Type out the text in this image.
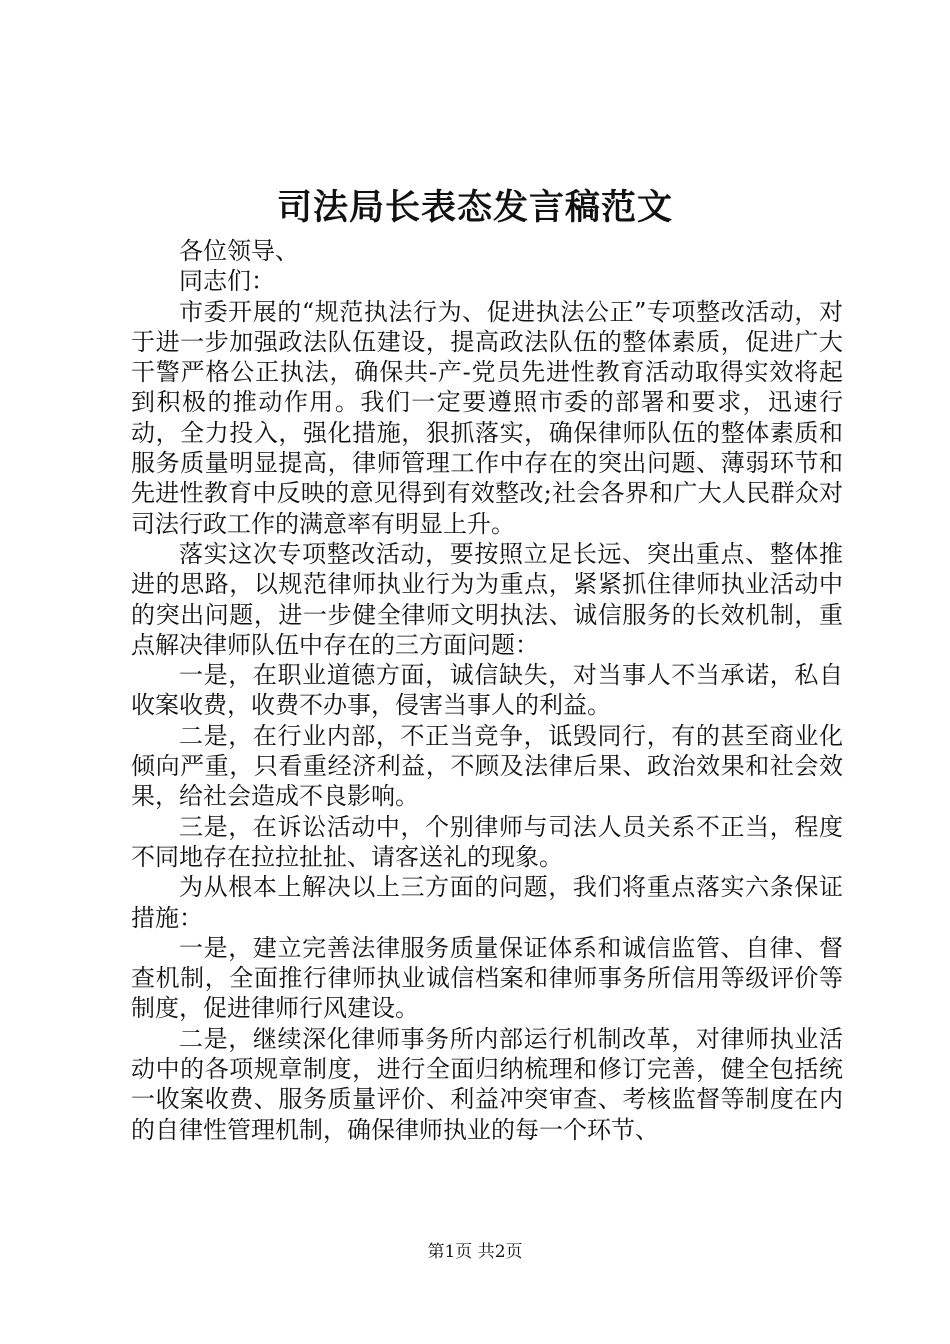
司法局长表态发言稿范文

各位领导、

同志们：

市委开展的“规范执法行为、促进执法公正”专项整改活动，对于进一步加强政法队伍建设，提高政法队伍的整体素质，促进广大干警严格公正执法，确保共-产-党员先进性教育活动取得实效将起到积极的推动作用。我们一定要遵照市委的部署和要求，迅速行动，全力投入，强化措施，狠抓落实，确保律师队伍的整体素质和服务质量明显提高，律师管理工作中存在的突出问题、薄弱环节和先进性教育中反映的意见得到有效整改;社会各界和广大人民群众对司法行政工作的满意率有明显上升。

落实这次专项整改活动，要按照立足长远、突出重点、整体推进的思路，以规范律师执业行为为重点，紧紧抓住律师执业活动中的突出问题，进一步健全律师文明执法、诚信服务的长效机制，重点解决律师队伍中存在的三方面问题：

一是，在职业道德方面，诚信缺失，对当事人不当承诺，私自收案收费，收费不办事，侵害当事人的利益。

二是，在行业内部，不正当竞争，诋毁同行，有的甚至商业化倾向严重，只看重经济利益，不顾及法律后果、政治效果和社会效果，给社会造成不良影响。

三是，在诉讼活动中，个别律师与司法人员关系不正当，程度不同地存在拉拉扯扯、请客送礼的现象。

为从根本上解决以上三方面的问题，我们将重点落实六条保证措施：

一是，建立完善法律服务质量保证体系和诚信监管、自律、督查机制，全面推行律师执业诚信档案和律师事务所信用等级评价等制度，促进律师行风建设。

二是，继续深化律师事务所内部运行机制改革，对律师执业活动中的各项规章制度，进行全面归纳梳理和修订完善，健全包括统一收案收费、服务质量评价、利益冲突审查、考核监督等制度在内的自律性管理机制，确保律师执业的每一个环节、

第1页 共2页
